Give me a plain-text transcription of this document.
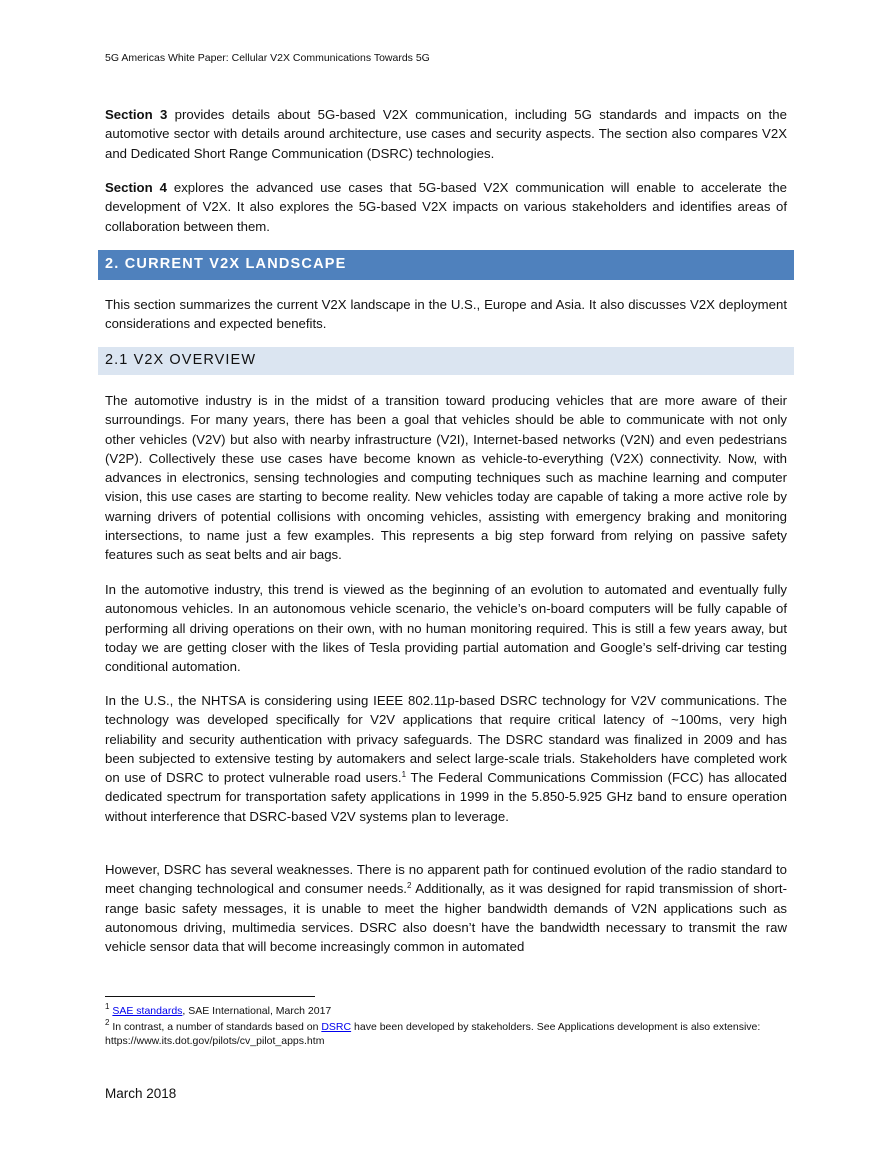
5G Americas White Paper: Cellular V2X Communications Towards 5G

Section 3 provides details about 5G-based V2X communication, including 5G standards and impacts on the automotive sector with details around architecture, use cases and security aspects. The section also compares V2X and Dedicated Short Range Communication (DSRC) technologies.

Section 4 explores the advanced use cases that 5G-based V2X communication will enable to accelerate the development of V2X. It also explores the 5G-based V2X impacts on various stakeholders and identifies areas of collaboration between them.

2. CURRENT V2X LANDSCAPE

This section summarizes the current V2X landscape in the U.S., Europe and Asia. It also discusses V2X deployment considerations and expected benefits.

2.1 V2X OVERVIEW

The automotive industry is in the midst of a transition toward producing vehicles that are more aware of their surroundings. For many years, there has been a goal that vehicles should be able to communicate with not only other vehicles (V2V) but also with nearby infrastructure (V2I), Internet-based networks (V2N) and even pedestrians (V2P). Collectively these use cases have become known as vehicle-to-everything (V2X) connectivity. Now, with advances in electronics, sensing technologies and computing techniques such as machine learning and computer vision, this use cases are starting to become reality. New vehicles today are capable of taking a more active role by warning drivers of potential collisions with oncoming vehicles, assisting with emergency braking and monitoring intersections, to name just a few examples. This represents a big step forward from relying on passive safety features such as seat belts and air bags.

In the automotive industry, this trend is viewed as the beginning of an evolution to automated and eventually fully autonomous vehicles. In an autonomous vehicle scenario, the vehicle’s on-board computers will be fully capable of performing all driving operations on their own, with no human monitoring required. This is still a few years away, but today we are getting closer with the likes of Tesla providing partial automation and Google’s self-driving car testing conditional automation.

In the U.S., the NHTSA is considering using IEEE 802.11p-based DSRC technology for V2V communications. The technology was developed specifically for V2V applications that require critical latency of ~100ms, very high reliability and security authentication with privacy safeguards. The DSRC standard was finalized in 2009 and has been subjected to extensive testing by automakers and select large-scale trials. Stakeholders have completed work on use of DSRC to protect vulnerable road users.$^1$ The Federal Communications Commission (FCC) has allocated dedicated spectrum for transportation safety applications in 1999 in the 5.850-5.925 GHz band to ensure operation without interference that DSRC-based V2V systems plan to leverage.

However, DSRC has several weaknesses. There is no apparent path for continued evolution of the radio standard to meet changing technological and consumer needs.$^2$ Additionally, as it was designed for rapid transmission of short-range basic safety messages, it is unable to meet the higher bandwidth demands of V2N applications such as autonomous driving, multimedia services. DSRC also doesn’t have the bandwidth necessary to transmit the raw vehicle sensor data that will become increasingly common in automated

$^1$ SAE standards, SAE International, March 2017

$^2$ In contrast, a number of standards based on DSRC have been developed by stakeholders. See Applications development is also extensive: https://www.its.dot.gov/pilots/cv_pilot_apps.htm

March 2018
